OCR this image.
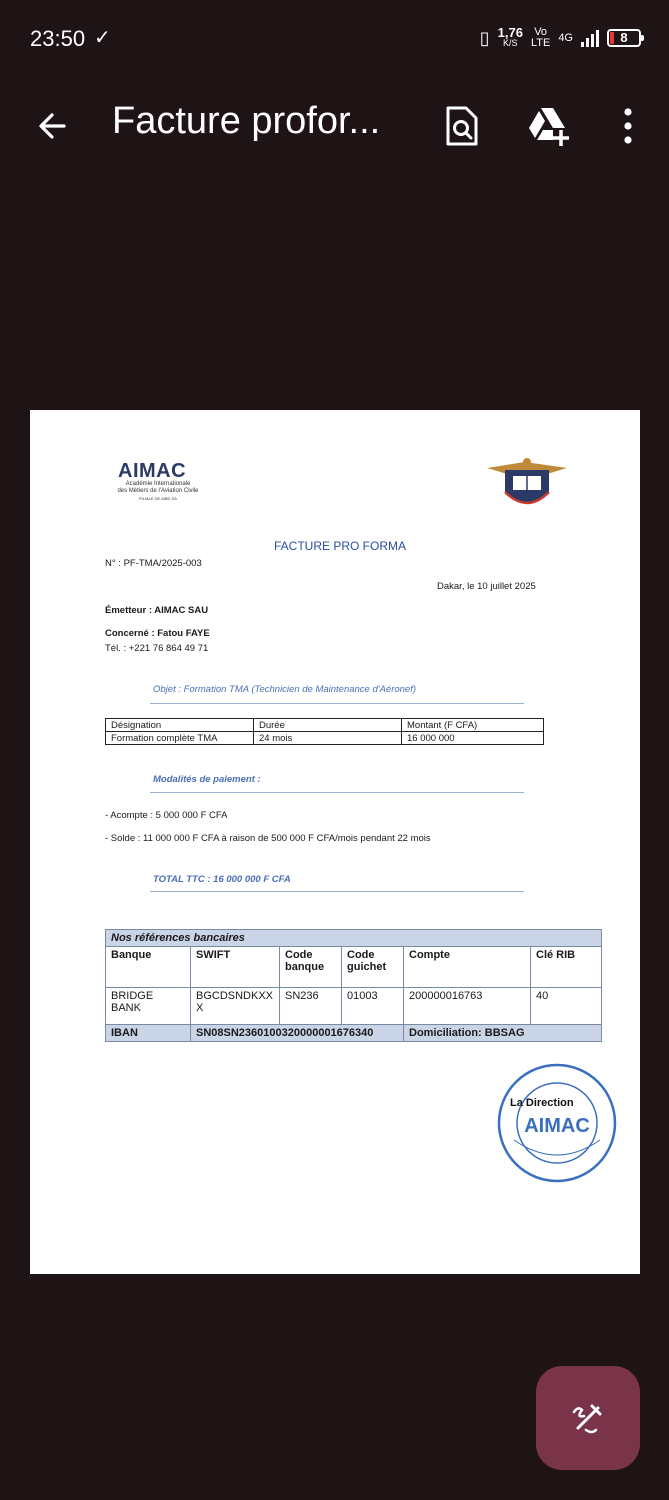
23:50 ✓	▯ 1,76
K/S
Vo
LTE 4G	8
Facture profor...
AIMAC
Académie Internationale
des Métiers de l'Aviation Civile
FILIALE DE AIBD SA
FACTURE PRO FORMA
N° : PF-TMA/2025-003
Dakar, le 10 juillet 2025
Émetteur : AIMAC SAU
Concerné : Fatou FAYE
Tél. : +221 76 864 49 71
Objet : Formation TMA (Technicien de Maintenance d'Aéronef)
Désignation	Durée	Montant (F CFA)
Formation complète TMA	24 mois	16 000 000
Modalités de paiement :
- Acompte : 5 000 000 F CFA
- Solde : 11 000 000 F CFA à raison de 500 000 F CFA/mois pendant 22 mois
TOTAL TTC : 16 000 000 F CFA
Nos références bancaires					
Banque	SWIFT	Code banque	Code guichet	Compte	Clé RIB
BRIDGE BANK	BGCDSNDKXXX	SN236	01003	200000016763	40
IBAN	SN08SN2360100320000001676340			Domiciliation: BBSAG	
AIMAC
La Direction
